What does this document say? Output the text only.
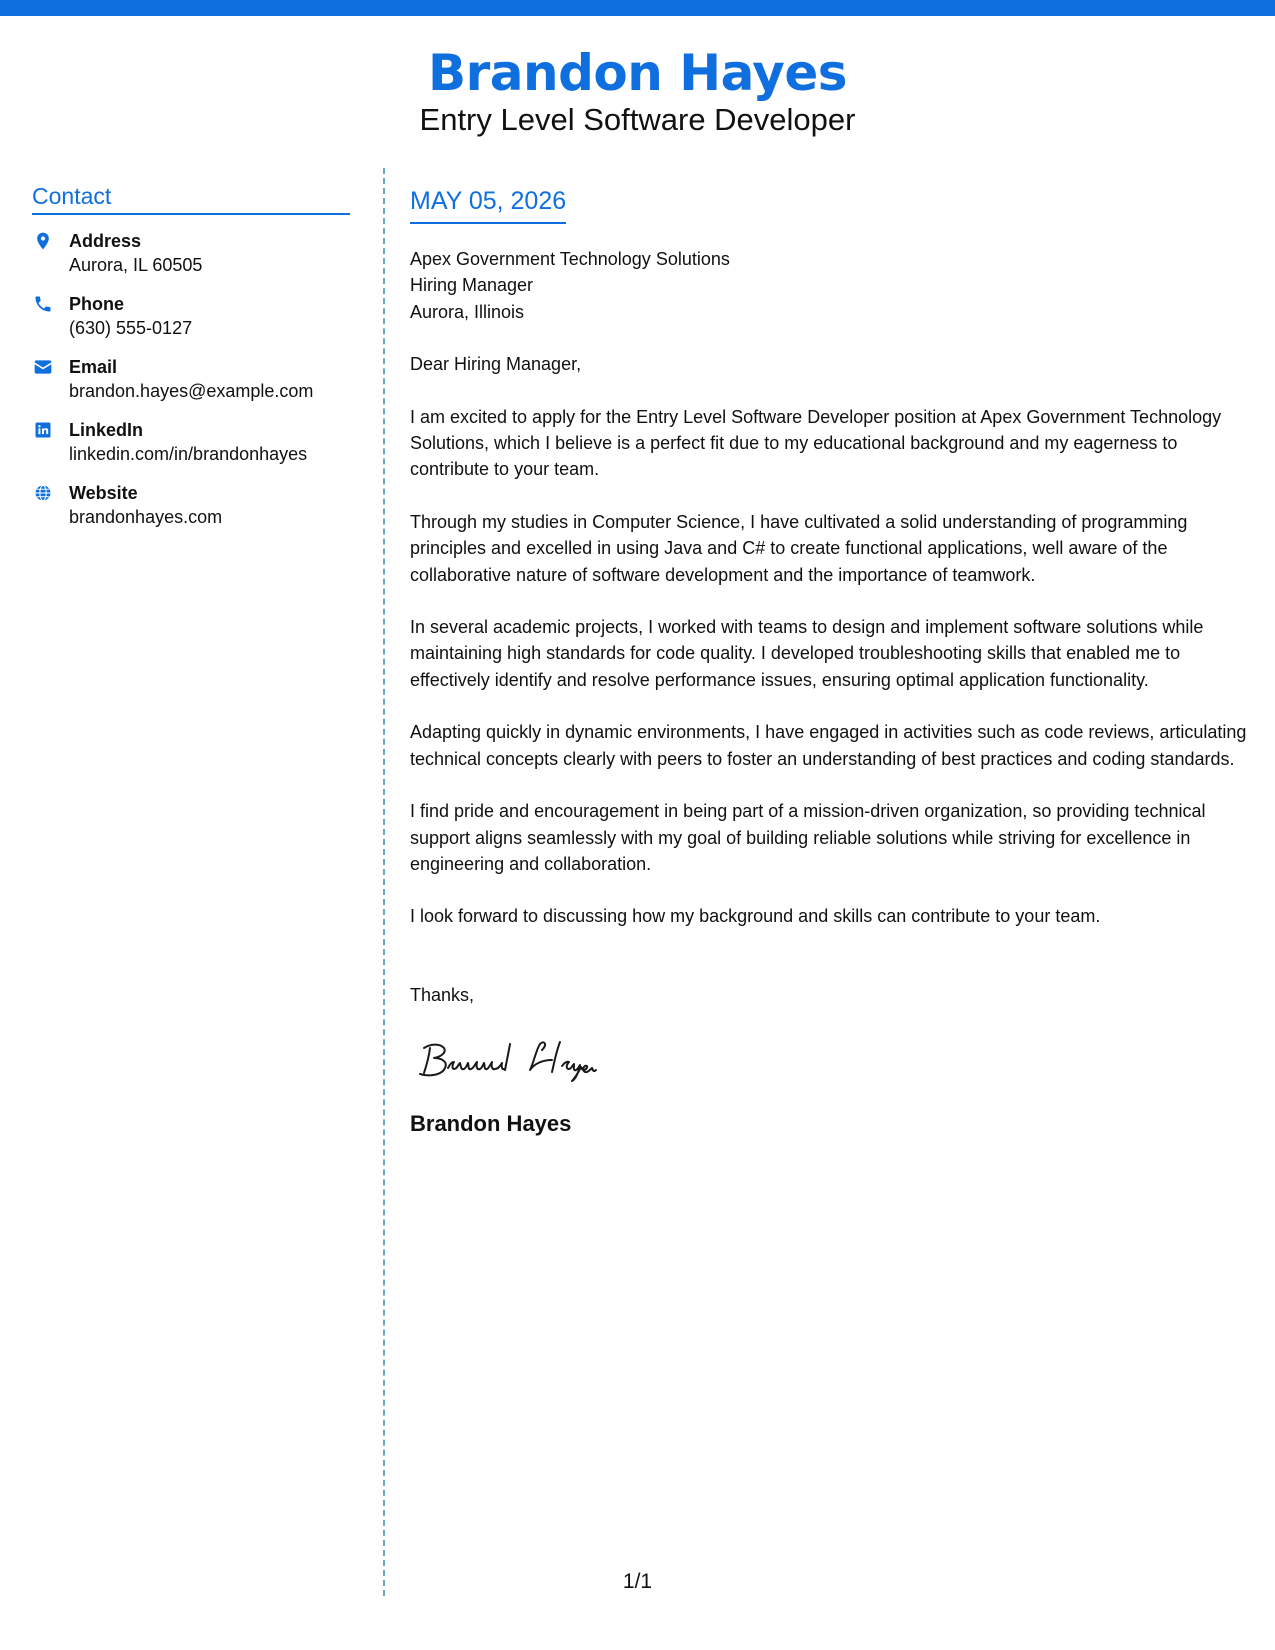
Brandon Hayes
Entry Level Software Developer
Contact
Address
Aurora, IL 60505
Phone
(630) 555-0127
Email
brandon.hayes@example.com
LinkedIn
linkedin.com/in/brandonhayes
Website
brandonhayes.com
MAY 05, 2026
Apex Government Technology Solutions
Hiring Manager
Aurora, Illinois
Dear Hiring Manager,

I am excited to apply for the Entry Level Software Developer position at Apex Government Technology Solutions, which I believe is a perfect fit due to my educational background and my eagerness to contribute to your team.

Through my studies in Computer Science, I have cultivated a solid understanding of programming principles and excelled in using Java and C# to create functional applications, well aware of the collaborative nature of software development and the importance of teamwork.

In several academic projects, I worked with teams to design and implement software solutions while maintaining high standards for code quality. I developed troubleshooting skills that enabled me to effectively identify and resolve performance issues, ensuring optimal application functionality.

Adapting quickly in dynamic environments, I have engaged in activities such as code reviews, articulating technical concepts clearly with peers to foster an understanding of best practices and coding standards.

I find pride and encouragement in being part of a mission-driven organization, so providing technical support aligns seamlessly with my goal of building reliable solutions while striving for excellence in engineering and collaboration.

I look forward to discussing how my background and skills can contribute to your team.

Thanks,
Brandon Hayes
1/1
